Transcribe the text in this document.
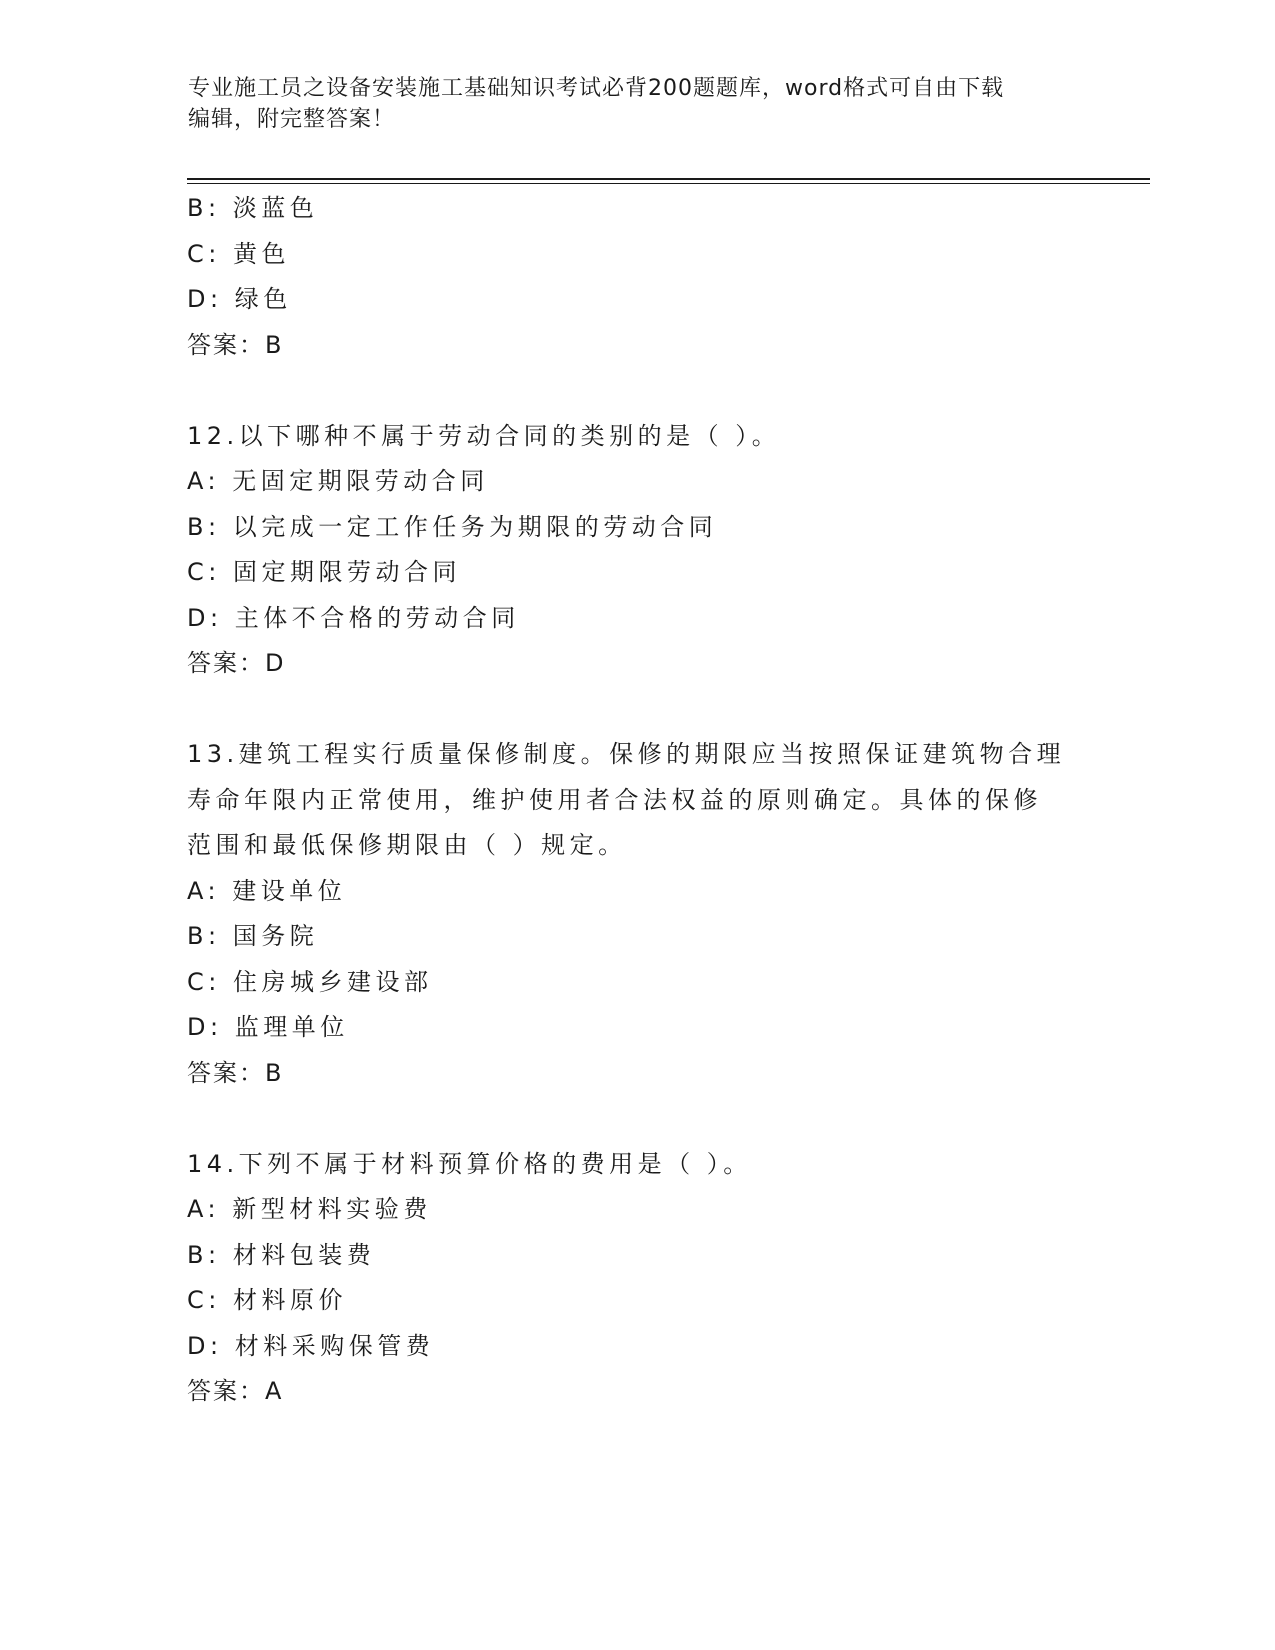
专业施工员之设备安装施工基础知识考试必背200题题库，word格式可自由下载
编辑，附完整答案！
B: 淡蓝色
C: 黄色
D: 绿色
答案：B
12.以下哪种不属于劳动合同的类别的是（ ）。
A: 无固定期限劳动合同
B: 以完成一定工作任务为期限的劳动合同
C: 固定期限劳动合同
D: 主体不合格的劳动合同
答案：D
13.建筑工程实行质量保修制度。保修的期限应当按照保证建筑物合理
寿命年限内正常使用，维护使用者合法权益的原则确定。具体的保修
范围和最低保修期限由（ ）规定。
A: 建设单位
B: 国务院
C: 住房城乡建设部
D: 监理单位
答案：B
14.下列不属于材料预算价格的费用是（ ）。
A: 新型材料实验费
B: 材料包装费
C: 材料原价
D: 材料采购保管费
答案：A
